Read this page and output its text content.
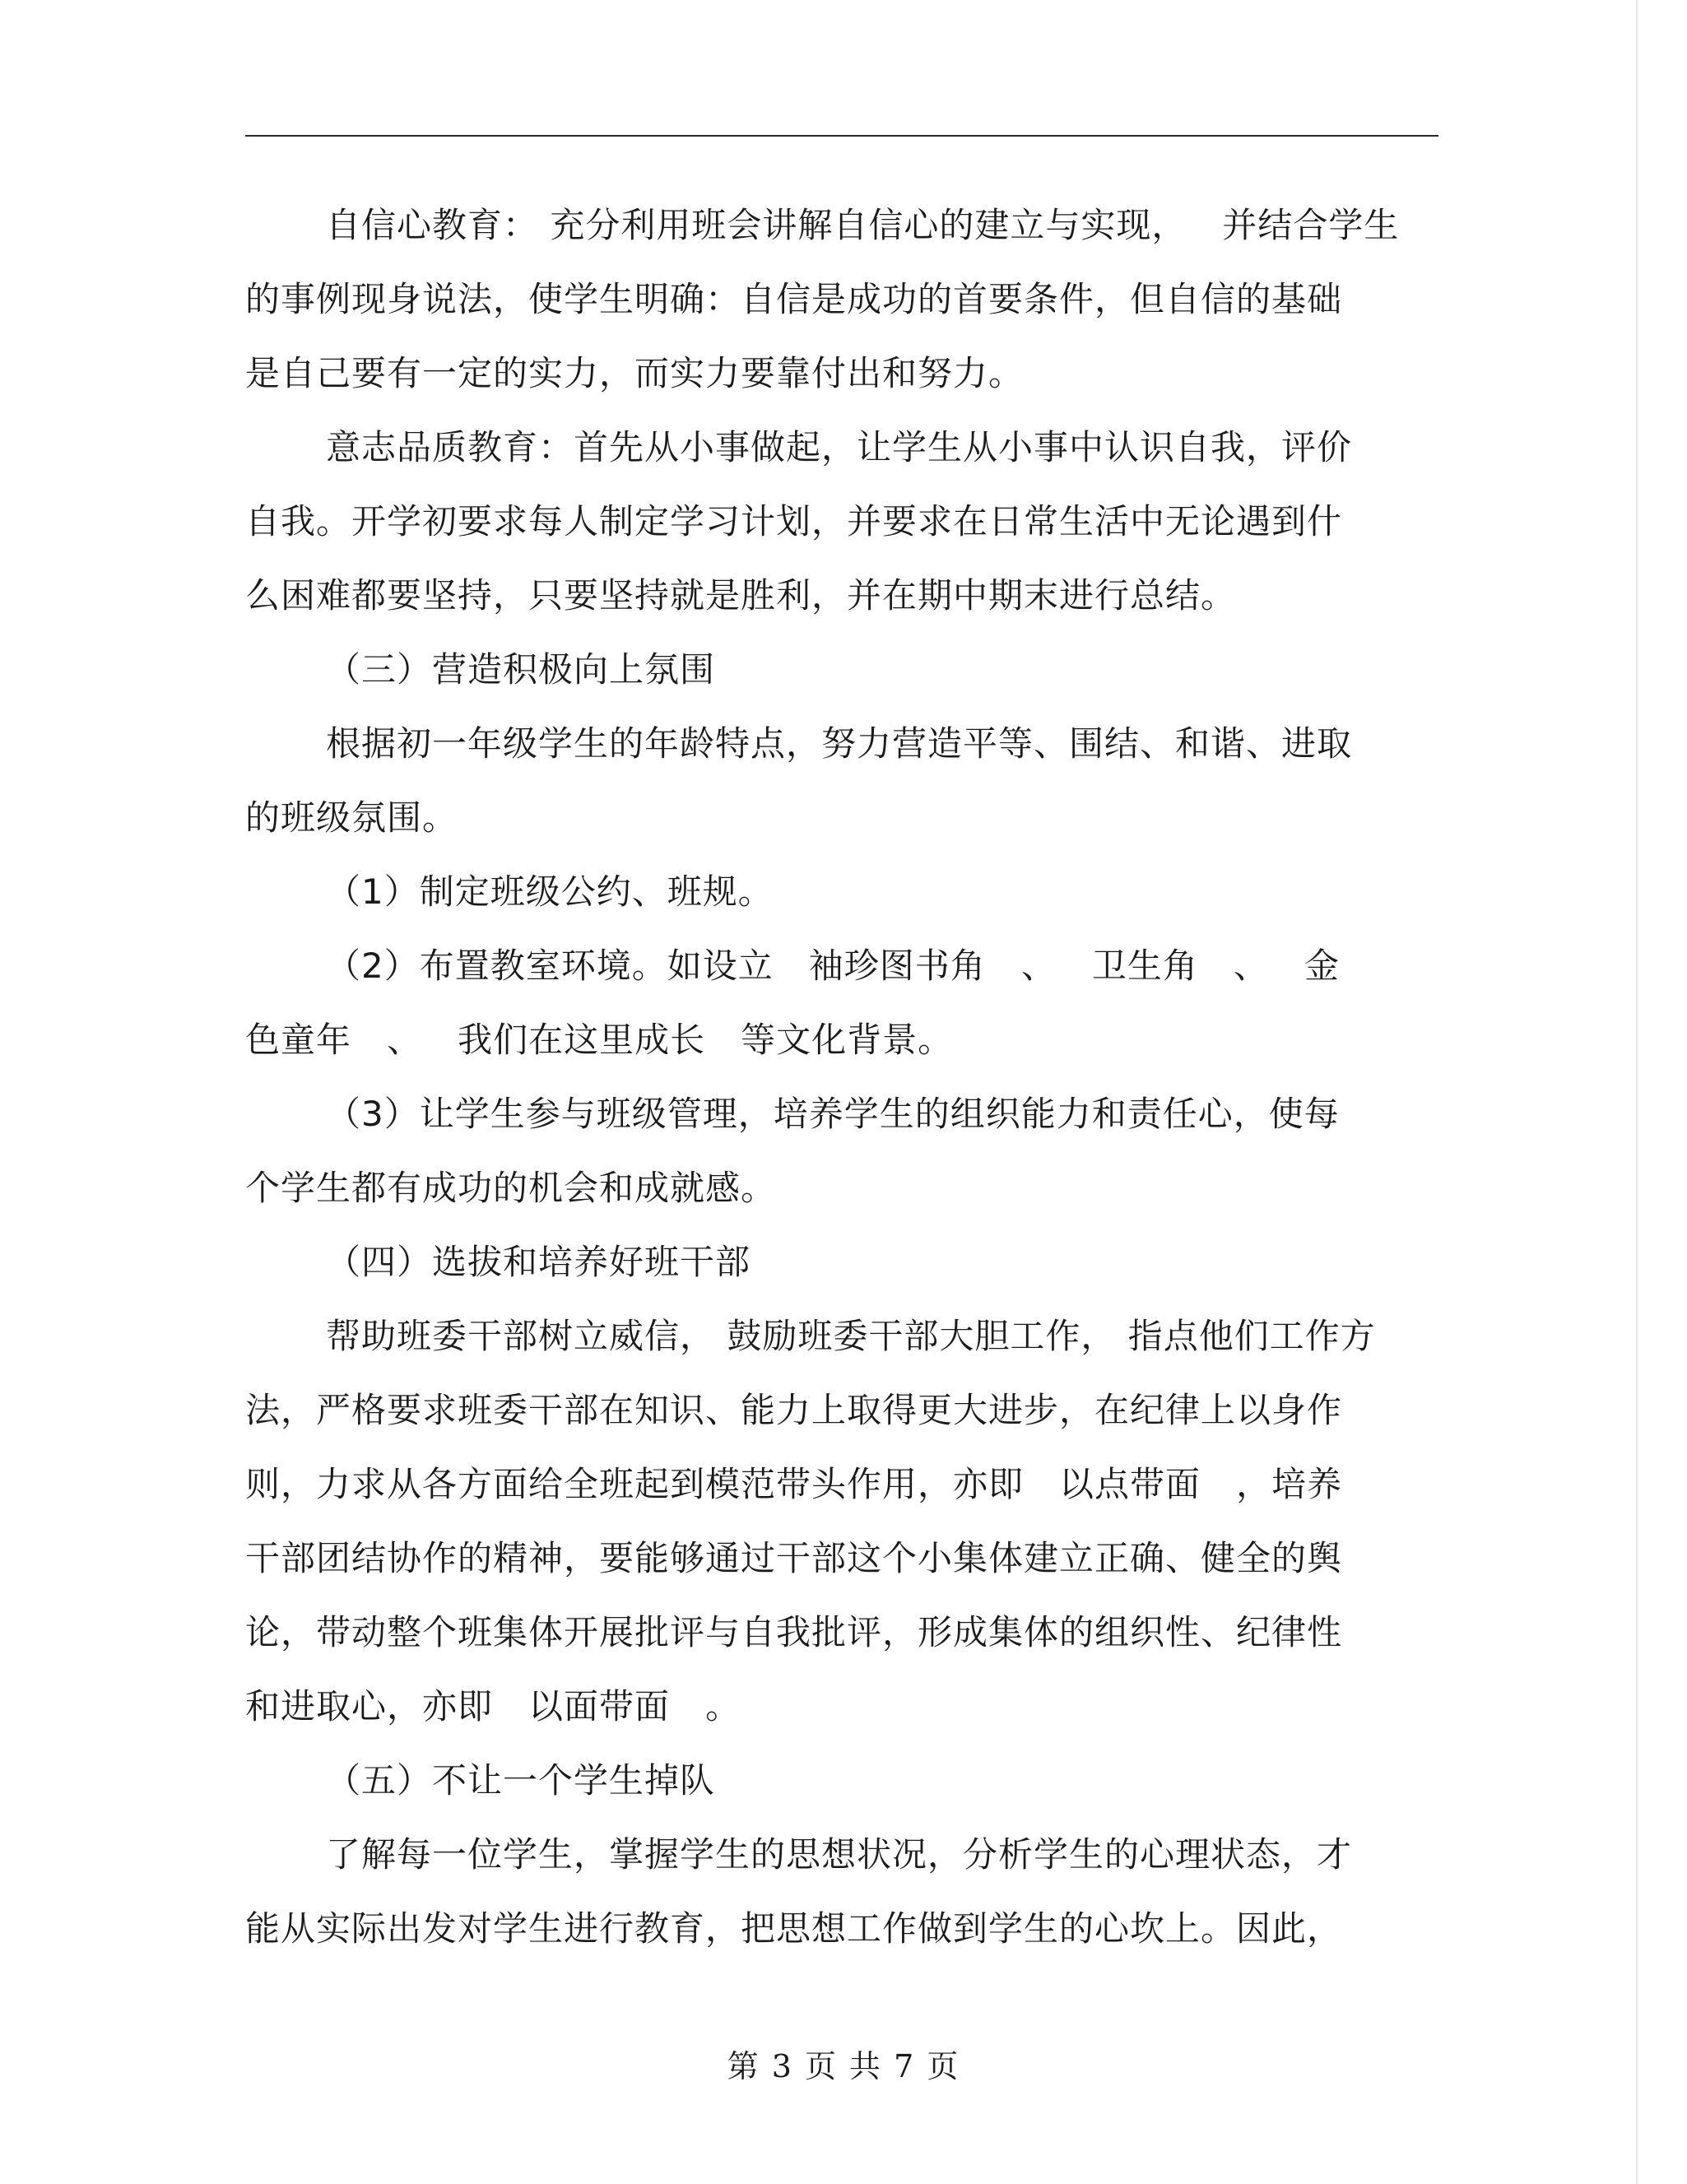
自信心教育： 充分利用班会讲解自信心的建立与实现，   并结合学生
的事例现身说法，使学生明确：自信是成功的首要条件，但自信的基础
是自己要有一定的实力，而实力要靠付出和努力。
意志品质教育：首先从小事做起，让学生从小事中认识自我，评价
自我。开学初要求每人制定学习计划，并要求在日常生活中无论遇到什
么困难都要坚持，只要坚持就是胜利，并在期中期末进行总结。
（三）营造积极向上氛围
根据初一年级学生的年龄特点，努力营造平等、围结、和谐、进取
的班级氛围。
（1）制定班级公约、班规。
（2）布置教室环境。如设立   袖珍图书角   、   卫生角   、   金
色童年   、   我们在这里成长   等文化背景。
（3）让学生参与班级管理，培养学生的组织能力和责任心，使每
个学生都有成功的机会和成就感。
（四）选拔和培养好班干部
帮助班委干部树立威信， 鼓励班委干部大胆工作， 指点他们工作方
法，严格要求班委干部在知识、能力上取得更大进步，在纪律上以身作
则，力求从各方面给全班起到模范带头作用，亦即   以点带面   ，培养
干部团结协作的精神，要能够通过干部这个小集体建立正确、健全的舆
论，带动整个班集体开展批评与自我批评，形成集体的组织性、纪律性
和进取心，亦即   以面带面   。
（五）不让一个学生掉队
了解每一位学生，掌握学生的思想状况，分析学生的心理状态，才
能从实际出发对学生进行教育，把思想工作做到学生的心坎上。因此，
第 3 页 共 7 页
